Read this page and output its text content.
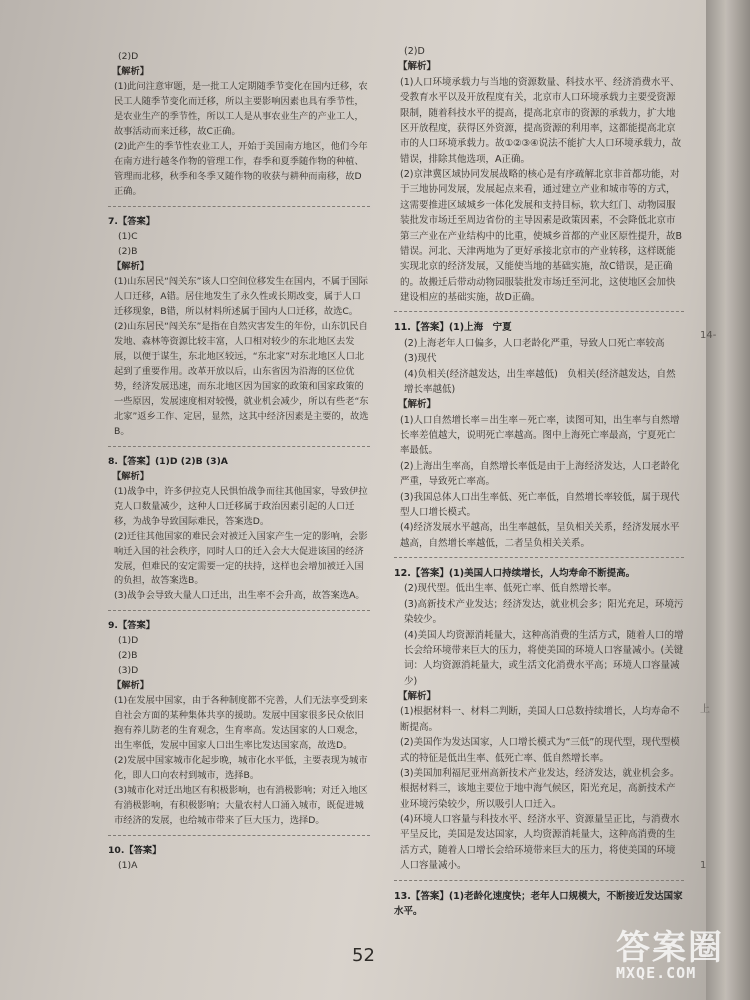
(2)D
【解析】
(1)此问注意审题，是一批工人定期随季节变化在国内迁移，农民工人随季节变化而迁移，所以主要影响因素也具有季节性，是农业生产的季节性，所以工人是从事农业生产的产业工人，故事活动而来迁移，故C正确。
(2)此产生的季节性农业工人，开始于美国南方地区，他们今年在南方进行越冬作物的管理工作，春季和夏季随作物的种植、管理而北移，秋季和冬季又随作物的收获与耕种而南移，故D正确。
7.【答案】
(1)C
(2)B
【解析】
(1)山东居民“闯关东”该人口空间位移发生在国内，不属于国际人口迁移，A错。居住地发生了永久性或长期改变，属于人口迁移现象，B错，所以材料所述属于国内人口迁移，故选C。
(2)山东居民“闯关东”是指在自然灾害发生的年份，山东饥民自发地、森林等资源比较丰富，人口相对较少的东北地区去发展，以便于谋生，东北地区较远，“东北家”对东北地区人口北起到了重要作用。改革开放以后，山东省因为沿海的区位优势，经济发展迅速，而东北地区因为国家的政策和国家政策的一些原因，发展速度相对较慢，就业机会减少，所以有些老“东北家”返乡工作、定居，显然，这其中经济因素是主要的，故选B。
8.【答案】(1)D (2)B (3)A
【解析】
(1)战争中，许多伊拉克人民惧怕战争而往其他国家，导致伊拉克人口数量减少，这种人口迁移属于政治因素引起的人口迁移，为战争导致国际难民，答案选D。
(2)迁往其他国家的难民会对被迁入国家产生一定的影响，会影响迁入国的社会秩序，同时人口的迁入会大大促进该国的经济发展，但难民的安定需要一定的扶持，这样也会增加被迁入国的负担，故答案选B。
(3)战争会导致大量人口迁出，出生率不会升高，故答案选A。
9.【答案】
(1)D
(2)B
(3)D
【解析】
(1)在发展中国家，由于各种制度都不完善，人们无法享受到来自社会方面的某种集体共享的援助。发展中国家很多民众依旧抱有养儿防老的生育观念，生育率高。发达国家的人口观念，出生率低，发展中国家人口出生率比发达国家高，故选D。
(2)发展中国家城市化起步晚，城市化水平低，主要表现为城市化，即人口向农村到城市，选择B。
(3)城市化对迁出地区有积极影响，也有消极影响；对迁入地区有消极影响，有积极影响；大量农村人口涌入城市，既促进城市经济的发展，也给城市带来了巨大压力，选择D。
10.【答案】
(1)A
(2)D
【解析】
(1)人口环境承载力与当地的资源数量、科技水平、经济消费水平、受教育水平以及开放程度有关，北京市人口环境承载力主要受资源限制，随着科技水平的提高，提高北京市的资源的承载力，扩大地区开放程度，获得区外资源，提高资源的利用率，这都能提高北京市的人口环境承载力。故①②③④说法不能扩大人口环境承载力，故错误，排除其他选项，A正确。
(2)京津冀区域协同发展战略的核心是有序疏解北京非首都功能，对于三地协同发展，发展起点来看，通过建立产业和城市等的方式，这需要推进区域城乡一体化发展和支持目标，软大红门、动物园服装批发市场迁至周边省份的主导因素是政策因素，不会降低北京市第三产业在产业结构中的比重，使城乡首都的产业区原性提升，故B错误。河北、天津两地为了更好承接北京市的产业转移，这样既能实现北京的经济发展，又能使当地的基础实施，故C错误，是正确的。故搬迁后带动动物园服装批发市场迁至河北，这使地区会加快建设相应的基础实施，故D正确。
11.【答案】(1)上海　宁夏
(2)上海老年人口偏多，人口老龄化严重，导致人口死亡率较高
(3)现代
(4)负相关(经济越发达，出生率越低)　负相关(经济越发达，自然增长率越低)
【解析】
(1)人口自然增长率＝出生率－死亡率，读图可知，出生率与自然增长率差值越大，说明死亡率越高。图中上海死亡率最高，宁夏死亡率最低。
(2)上海出生率高，自然增长率低是由于上海经济发达，人口老龄化严重，导致死亡率高。
(3)我国总体人口出生率低、死亡率低，自然增长率较低，属于现代型人口增长模式。
(4)经济发展水平越高，出生率越低，呈负相关关系，经济发展水平越高，自然增长率越低，二者呈负相关关系。
12.【答案】(1)美国人口持续增长，人均寿命不断提高。
(2)现代型。低出生率、低死亡率、低自然增长率。
(3)高新技术产业发达；经济发达，就业机会多；阳光充足，环境污染较少。
(4)美国人均资源消耗量大，这种高消费的生活方式，随着人口的增长会给环境带来巨大的压力，将使美国的环境人口容量减小。(关键词：人均资源消耗量大，或生活文化消费水平高；环境人口容量减少)
【解析】
(1)根据材料一、材料二判断，美国人口总数持续增长，人均寿命不断提高。
(2)美国作为发达国家，人口增长模式为“三低”的现代型，现代型模式的特征是低出生率、低死亡率、低自然增长率。
(3)美国加利福尼亚州高新技术产业发达，经济发达，就业机会多。根据材料三，该地主要位于地中海气候区，阳光充足，高新技术产业环境污染较少，所以吸引人口迁入。
(4)环境人口容量与科技水平、经济水平、资源量呈正比，与消费水平呈反比，美国是发达国家，人均资源消耗量大，这种高消费的生活方式，随着人口增长会给环境带来巨大的压力，将使美国的环境人口容量减小。
13.【答案】(1)老龄化速度快；老年人口规模大，不断接近发达国家水平。
52
14-
上
1
答案圈
MXQE.COM
